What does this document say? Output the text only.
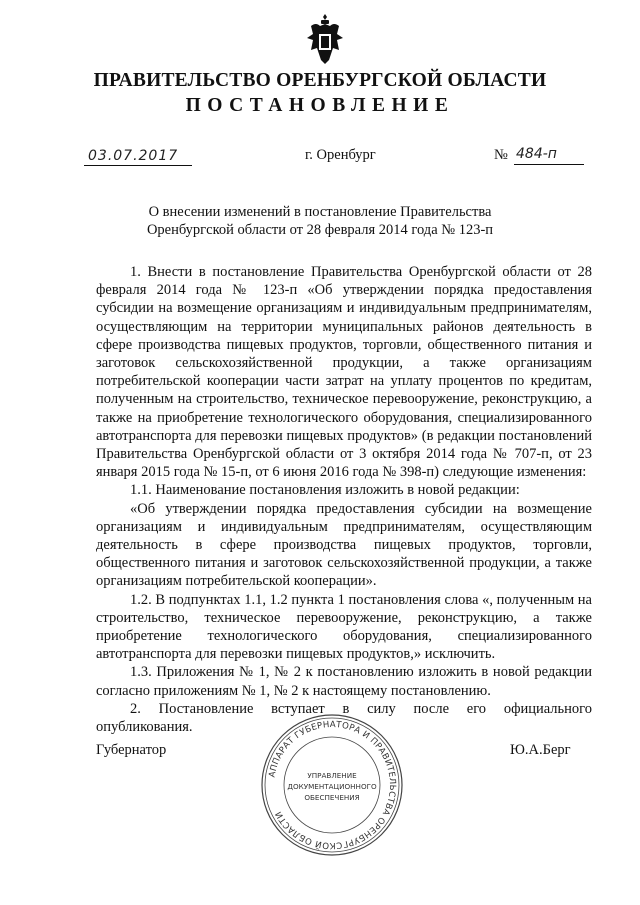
ПРАВИТЕЛЬСТВО ОРЕНБУРГСКОЙ ОБЛАСТИ
ПОСТАНОВЛЕНИЕ
03.07.2017	г. Оренбург	№ 484-п
О внесении изменений в постановление Правительства
Оренбургской области от 28 февраля 2014 года № 123-п

1. Внести в постановление Правительства Оренбургской области от 28 февраля 2014 года № 123-п «Об утверждении порядка предоставления субсидии на возмещение организациям и индивидуальным предпринимателям, осуществляющим на территории муниципальных районов деятельность в сфере производства пищевых продуктов, торговли, общественного питания и заготовок сельскохозяйственной продукции, а также организациям потребительской кооперации части затрат на уплату процентов по кредитам, полученным на строительство, техническое перевооружение, реконструкцию, а также на приобретение технологического оборудования, специализированного автотранспорта для перевозки пищевых продуктов» (в редакции постановлений Правительства Оренбургской области от 3 октября 2014 года № 707-п, от 23 января 2015 года № 15-п, от 6 июня 2016 года № 398-п) следующие изменения:

1.1. Наименование постановления изложить в новой редакции:

«Об утверждении порядка предоставления субсидии на возмещение организациям и индивидуальным предпринимателям, осуществляющим деятельность в сфере производства пищевых продуктов, торговли, общественного питания и заготовок сельскохозяйственной продукции, а также организациям потребительской кооперации».

1.2. В подпунктах 1.1, 1.2 пункта 1 постановления слова «, полученным на строительство, техническое перевооружение, реконструкцию, а также приобретение технологического оборудования, специализированного автотранспорта для перевозки пищевых продуктов,» исключить.

1.3. Приложения № 1, № 2 к постановлению изложить в новой редакции согласно приложениям № 1, № 2 к настоящему постановлению.

2. Постановление вступает в силу после его официального опубликования.

Губернатор	Ю.А.Берг
АППАРАТ ГУБЕРНАТОРА И ПРАВИТЕЛЬСТВА ОРЕНБУРГСКОЙ ОБЛАСТИ
УПРАВЛЕНИЕ
ДОКУМЕНТАЦИОННОГО
ОБЕСПЕЧЕНИЯ
